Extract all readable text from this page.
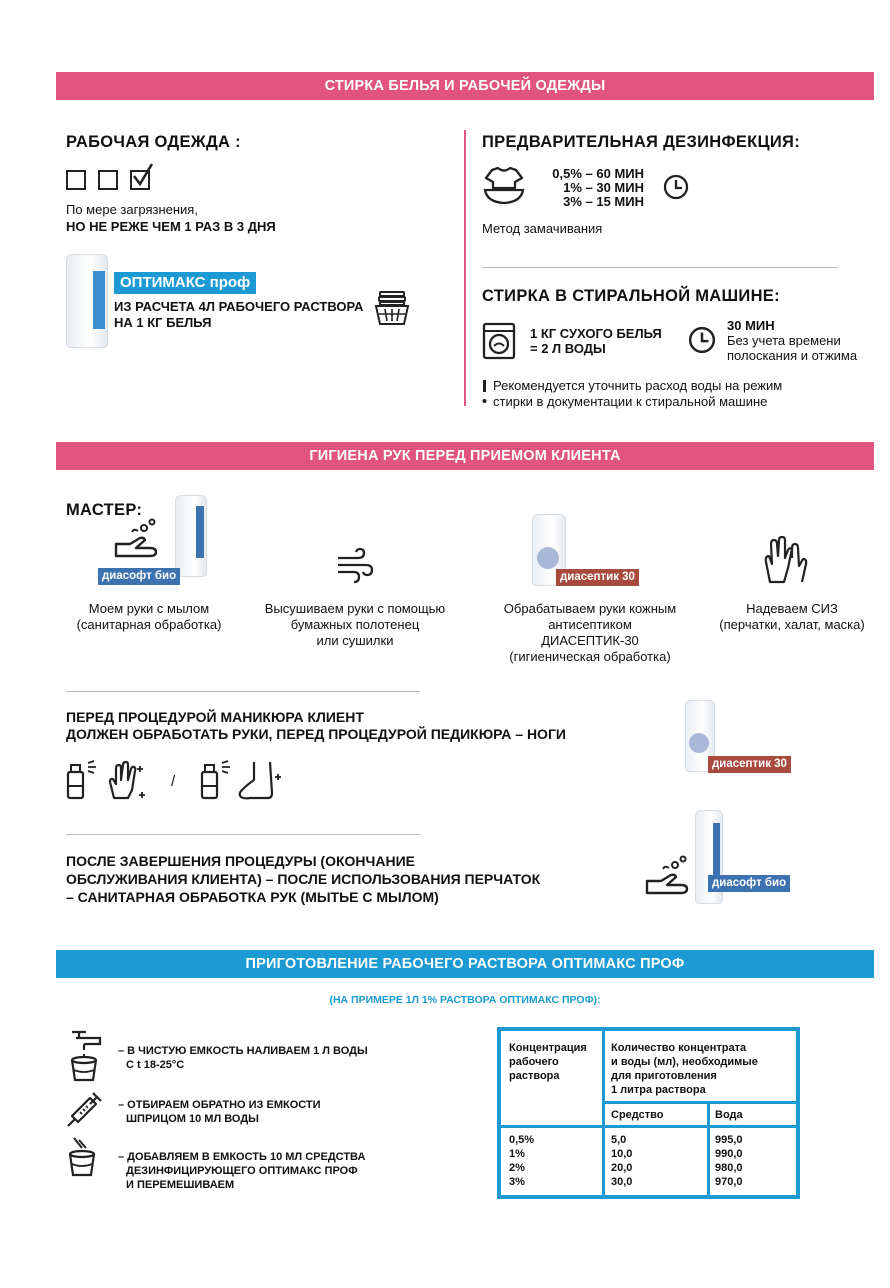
СТИРКА БЕЛЬЯ И РАБОЧЕЙ ОДЕЖДЫ
РАБОЧАЯ ОДЕЖДА :
По мере загрязнения,
НО НЕ РЕЖЕ ЧЕМ 1 РАЗ В 3 ДНЯ
ОПТИМАКС проф
ИЗ РАСЧЕТА 4Л РАБОЧЕГО РАСТВОРА
НА 1 КГ БЕЛЬЯ
ПРЕДВАРИТЕЛЬНАЯ ДЕЗИНФЕКЦИЯ:
0,5% – 60 МИН
1% – 30 МИН
3% – 15 МИН
Метод замачивания
СТИРКА В СТИРАЛЬНОЙ МАШИНЕ:
1 КГ СУХОГО БЕЛЬЯ
= 2 Л ВОДЫ
30 МИН
Без учета времени
полоскания и отжима
Рекомендуется уточнить расход воды на режим
стирки в документации к стиральной машине
ГИГИЕНА РУК ПЕРЕД ПРИЕМОМ КЛИЕНТА
МАСТЕР:
диасофт био
Моем руки с мылом
(санитарная обработка)
Высушиваем руки с помощью
бумажных полотенец
или сушилки
диасептик 30
Обрабатываем руки кожным
антисептиком
ДИАСЕПТИК-30
(гигиеническая обработка)
Надеваем СИЗ
(перчатки, халат, маска)
ПЕРЕД ПРОЦЕДУРОЙ МАНИКЮРА КЛИЕНТ
ДОЛЖЕН ОБРАБОТАТЬ РУКИ, ПЕРЕД ПРОЦЕДУРОЙ ПЕДИКЮРА – НОГИ
/
диасептик 30
ПОСЛЕ ЗАВЕРШЕНИЯ ПРОЦЕДУРЫ (ОКОНЧАНИЕ
ОБСЛУЖИВАНИЯ КЛИЕНТА) – ПОСЛЕ ИСПОЛЬЗОВАНИЯ ПЕРЧАТОК
– САНИТАРНАЯ ОБРАБОТКА РУК (МЫТЬЕ С МЫЛОМ)
диасофт био
ПРИГОТОВЛЕНИЕ РАБОЧЕГО РАСТВОРА ОПТИМАКС ПРОФ
(НА ПРИМЕРЕ 1Л 1% РАСТВОРА ОПТИМАКС ПРОФ):
– В ЧИСТУЮ ЕМКОСТЬ НАЛИВАЕМ 1 Л ВОДЫ
С t 18-25°C
– ОТБИРАЕМ ОБРАТНО ИЗ ЕМКОСТИ
ШПРИЦОМ 10 МЛ ВОДЫ
– ДОБАВЛЯЕМ В ЕМКОСТЬ 10 МЛ СРЕДСТВА
ДЕЗИНФИЦИРУЮЩЕГО ОПТИМАКС ПРОФ
И ПЕРЕМЕШИВАЕМ
Концентрация
рабочего
раствора
Количество концентрата
и воды (мл), необходимые
для приготовления
1 литра раствора
Средство	Вода
0,5%
1%
2%
3%
5,0
10,0
20,0
30,0
995,0
990,0
980,0
970,0
